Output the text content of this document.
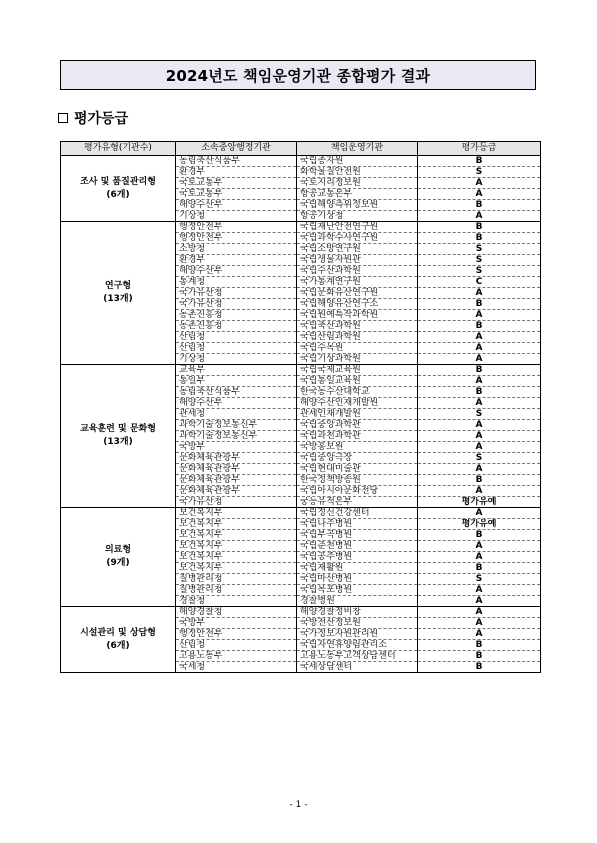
2024년도 책임운영기관 종합평가 결과
평가등급
평가유형(기관수)	소속중앙행정기관	책임운영기관	평가등급

조사 및 품질관리형
(6개)	농림축산식품부	국립종자원	B
	환경부	화학물질안전원	S
	국토교통부	국토지리정보원	A
	국토교통부	항공교통본부	A
	해양수산부	국립해양측위정보원	B
	기상청	항공기상청	A

연구형
(13개)	행정안전부	국립재난안전연구원	B
	행정안전부	국립과학수사연구원	B
	소방청	국립소방연구원	S
	환경부	국립생물자원관	S
	해양수산부	국립수산과학원	S
	통계청	국가통계연구원	C
	국가유산청	국립문화유산연구원	A
	국가유산청	국립해양유산연구소	B
	농촌진흥청	국립원예특작과학원	A
	농촌진흥청	국립축산과학원	B
	산림청	국립산림과학원	A
	산림청	국립수목원	A
	기상청	국립기상과학원	A

교육훈련 및 문화형
(13개)	교육부	국립국제교육원	B
	통일부	국립통일교육원	A
	농림축산식품부	한국농수산대학교	B
	해양수산부	해양수산인재개발원	A
	관세청	관세인재개발원	S
	과학기술정보통신부	국립중앙과학관	A
	과학기술정보통신부	국립과천과학관	A
	국방부	국방홍보원	A
	문화체육관광부	국립중앙극장	S
	문화체육관광부	국립현대미술관	A
	문화체육관광부	한국정책방송원	B
	문화체육관광부	국립아시아문화전당	A
	국가유산청	궁능유적본부	평가유예

의료형
(9개)	보건복지부	국립정신건강센터	A
	보건복지부	국립나주병원	평가유예
	보건복지부	국립부곡병원	B
	보건복지부	국립춘천병원	A
	보건복지부	국립공주병원	A
	보건복지부	국립재활원	B
	질병관리청	국립마산병원	S
	질병관리청	국립목포병원	A
	경찰청	경찰병원	A

시설관리 및 상담형
(6개)	해양경찰청	해양경찰정비창	A
	국방부	국방전산정보원	A
	행정안전부	국가정보자원관리원	A
	산림청	국립자연휴양림관리소	B
	고용노동부	고용노동부고객상담센터	B
	국세청	국세상담센터	B
- 1 -
